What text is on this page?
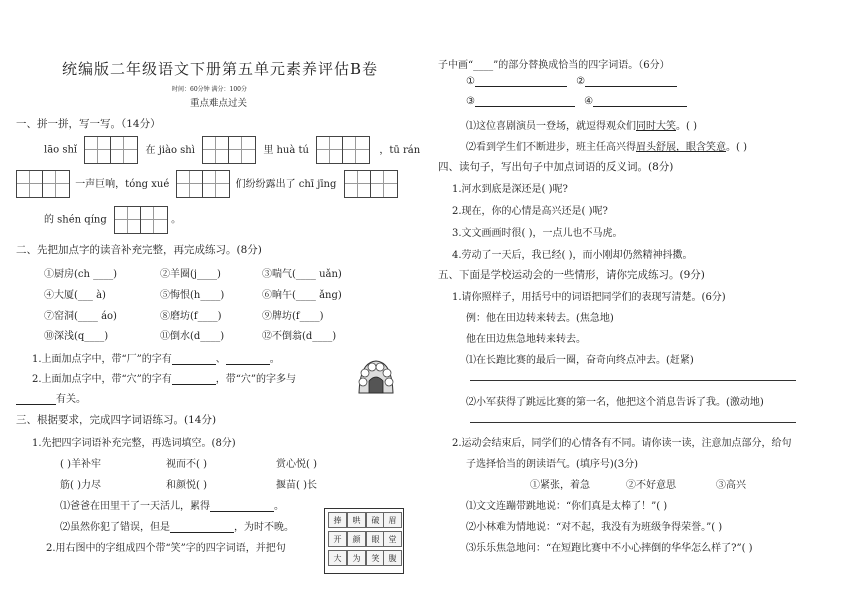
统编版二年级语文下册第五单元素养评估B卷
时间：60分钟 满分：100分
重点难点过关
一、拼一拼，写一写。（14分）
lāo shǐ	在 jiào shì	里 huà tú	，tū rán
一声巨响，tóng xué	们纷纷露出了 chī jīng
的 shén qíng	。
二、先把加点字的读音补充完整，再完成练习。(8分)
①厨房(ch ____)	②羊圈(j____)	③喘气(____ uǎn)
④大厦(___ à)	⑤悔恨(h____)	⑥晌午(____ ǎng)
⑦窑洞(____ áo)	⑧磨坊(f____)	⑨牌坊(f____)
⑩深浅(q____)	⑪倒水(d____)	⑫不倒翁(d____)
1.上面加点字中，带“厂”的字有	、	。
2.上面加点字中，带“穴”的字有	，带“穴”的字多与
有关。
三、根据要求，完成四字词语练习。(14分)
1.先把四字词语补充完整，再选词填空。(8分)
( )羊补牢	视而不( )	赏心悦( )
筋( )力尽	和颜悦( )	揠苗( )长
⑴爸爸在田里干了一天活儿，累得	。
⑵虽然你犯了错误，但是	，为时不晚。
2.用右图中的字组成四个带“笑”字的四字词语，并把句
捧	哄	破	眉
开	颜	眼	堂
大	为	笑	腹
子中画“____”的部分替换成恰当的四字词语。（6分）
①	②
③	④
⑴这位喜剧演员一登场，就逗得观众们同时大笑。( )
⑵看到学生们不断进步，班主任高兴得眉头舒展，眼含笑意。( )
四、读句子，写出句子中加点词语的反义词。(8分)
1.河水到底是深还是( )呢?
2.现在，你的心情是高兴还是( )呢?
3.文文画画时很( )，一点儿也不马虎。
4.劳动了一天后，我已经( )，而小刚却仍然精神抖擞。
五、下面是学校运动会的一些情形，请你完成练习。(9分)
1.请你照样子，用括号中的词语把同学们的表现写清楚。(6分)
例：他在田边转来转去。(焦急地)
他在田边焦急地转来转去。
⑴在长跑比赛的最后一圈，奋奇向终点冲去。(赶紧)
⑵小军获得了跳远比赛的第一名，他把这个消息告诉了我。(激动地)
2.运动会结束后，同学们的心情各有不同。请你读一读，注意加点部分，给句
子选择恰当的朗读语气。(填序号)(3分)
①紧张，着急	②不好意思	③高兴
⑴文文连蹦带跳地说：“你们真是太棒了！”( )
⑵小林难为情地说：“对不起，我没有为班级争得荣誉。”( )
⑶乐乐焦急地问：“在短跑比赛中不小心摔倒的华华怎么样了?”( )
